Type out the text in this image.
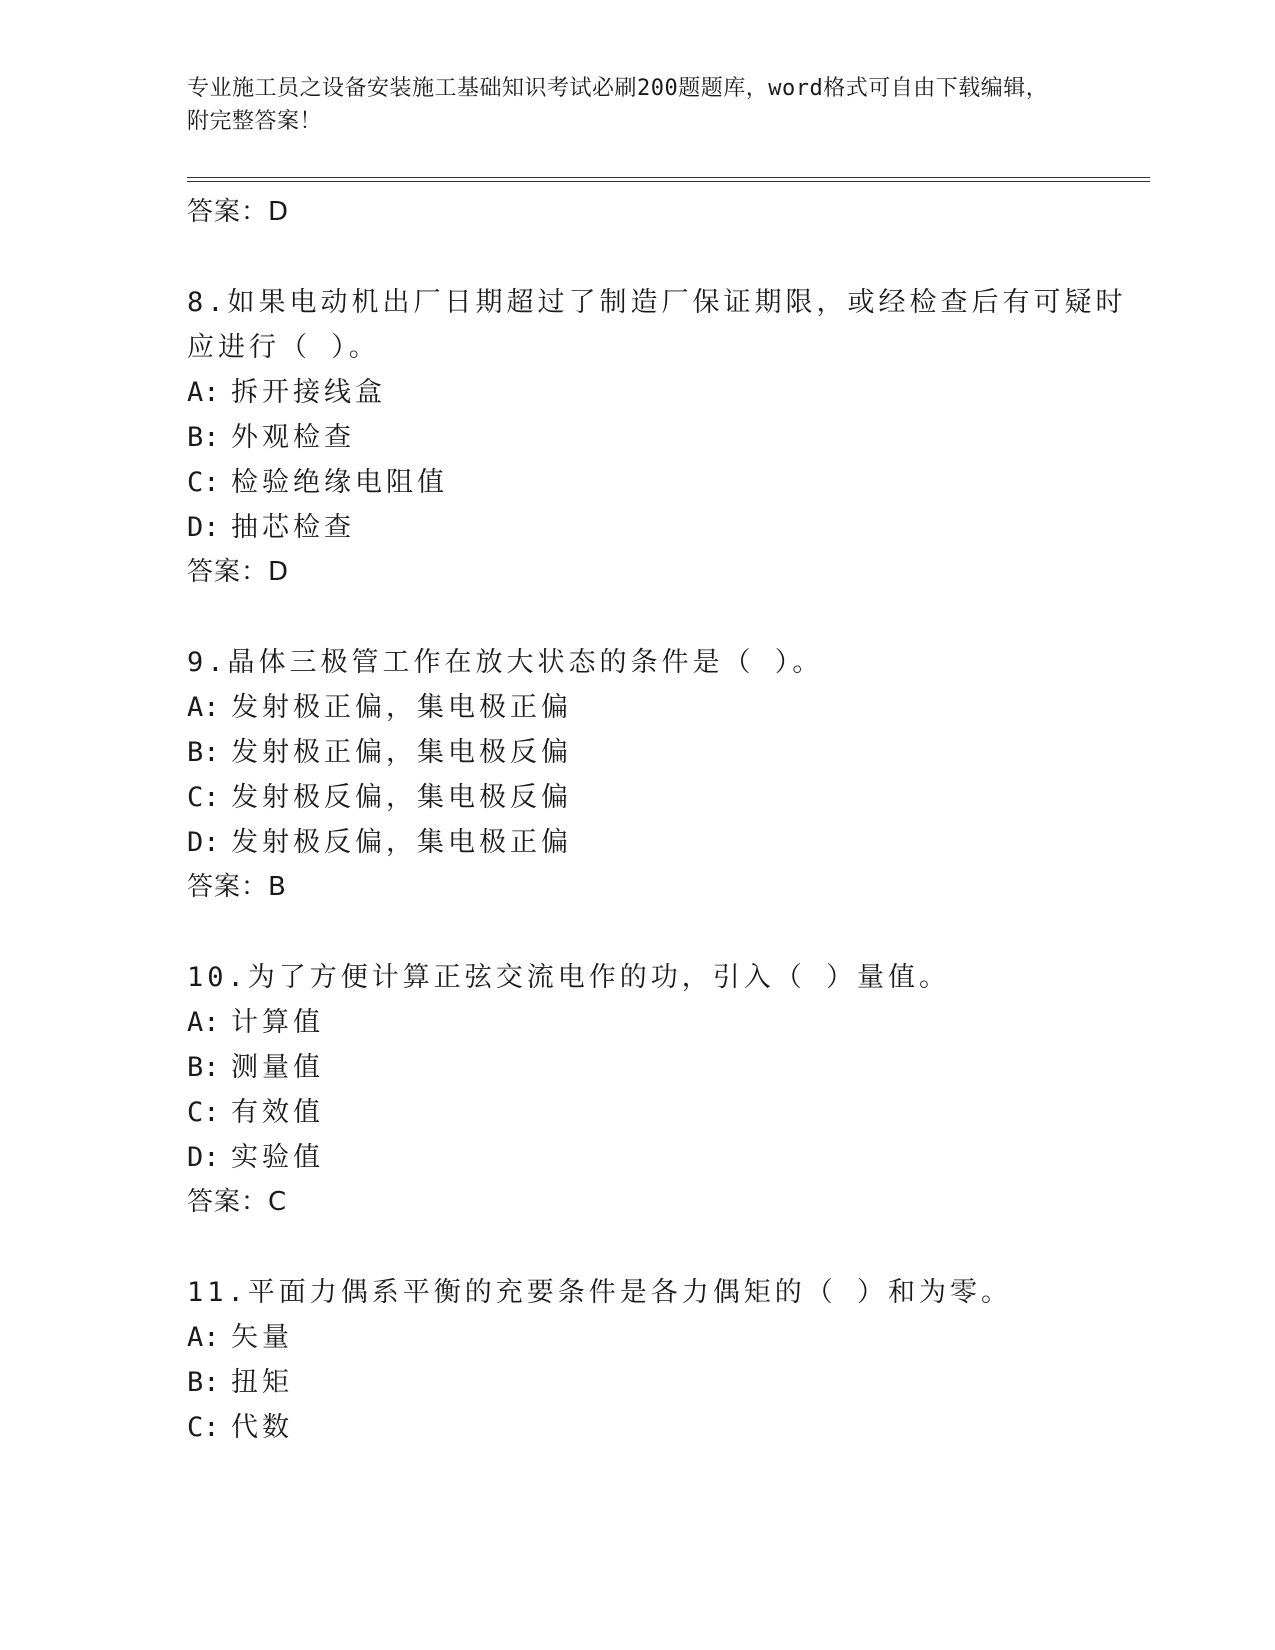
专业施工员之设备安装施工基础知识考试必刷200题题库，word格式可自由下载编辑，附完整答案！
答案：D
8.如果电动机出厂日期超过了制造厂保证期限，或经检查后有可疑时
应进行（ ）。
A: 拆开接线盒
B: 外观检查
C: 检验绝缘电阻值
D: 抽芯检查
答案：D
9.晶体三极管工作在放大状态的条件是（ ）。
A: 发射极正偏，集电极正偏
B: 发射极正偏，集电极反偏
C: 发射极反偏，集电极反偏
D: 发射极反偏，集电极正偏
答案：B
10.为了方便计算正弦交流电作的功，引入（ ）量值。
A: 计算值
B: 测量值
C: 有效值
D: 实验值
答案：C
11.平面力偶系平衡的充要条件是各力偶矩的（ ）和为零。
A: 矢量
B: 扭矩
C: 代数
